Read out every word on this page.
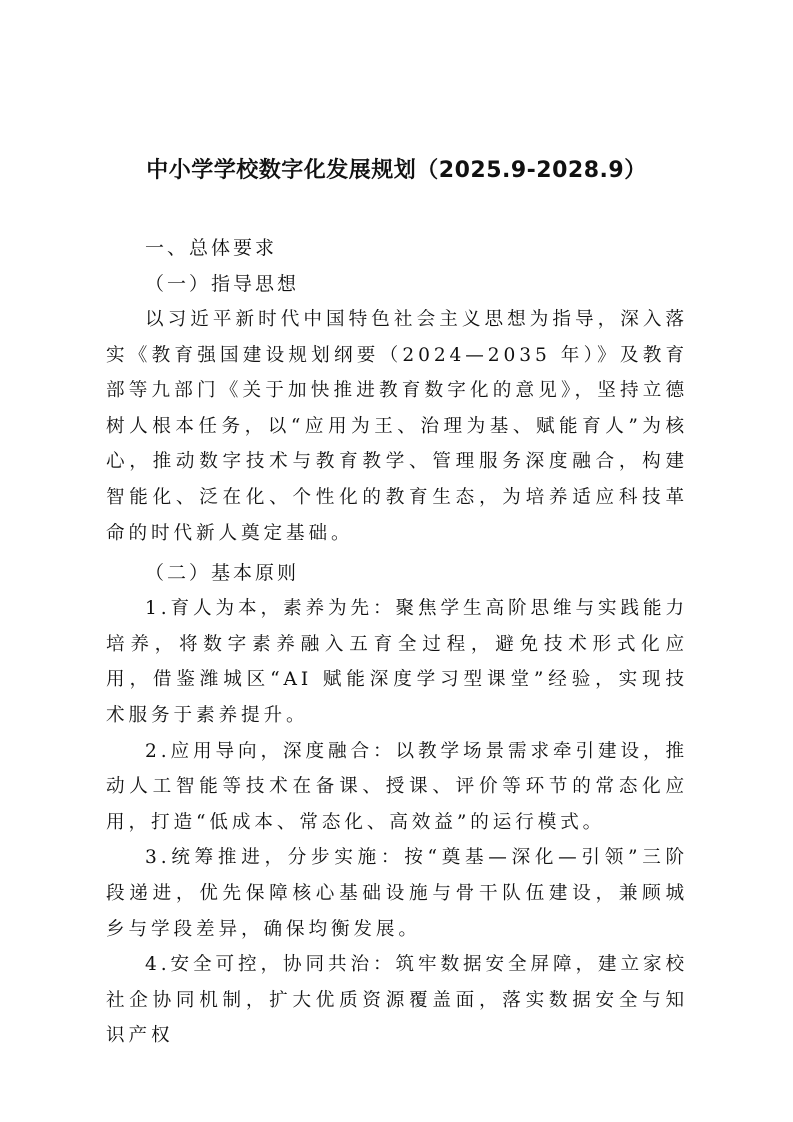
中小学学校数字化发展规划（2025.9-2028.9）
一、总体要求
（一）指导思想

以习近平新时代中国特色社会主义思想为指导，深入落实《教育强国建设规划纲要（2024—2035 年）》及教育部等九部门《关于加快推进教育数字化的意见》，坚持立德树人根本任务，以“应用为王、治理为基、赋能育人”为核心，推动数字技术与教育教学、管理服务深度融合，构建智能化、泛在化、个性化的教育生态，为培养适应科技革命的时代新人奠定基础。

（二）基本原则

1.育人为本，素养为先：聚焦学生高阶思维与实践能力培养，将数字素养融入五育全过程，避免技术形式化应用，借鉴潍城区“AI 赋能深度学习型课堂”经验，实现技术服务于素养提升。

2.应用导向，深度融合：以教学场景需求牵引建设，推动人工智能等技术在备课、授课、评价等环节的常态化应用，打造“低成本、常态化、高效益”的运行模式。

3.统筹推进，分步实施：按“奠基—深化—引领”三阶段递进，优先保障核心基础设施与骨干队伍建设，兼顾城乡与学段差异，确保均衡发展。

4.安全可控，协同共治：筑牢数据安全屏障，建立家校社企协同机制，扩大优质资源覆盖面，落实数据安全与知识产权
